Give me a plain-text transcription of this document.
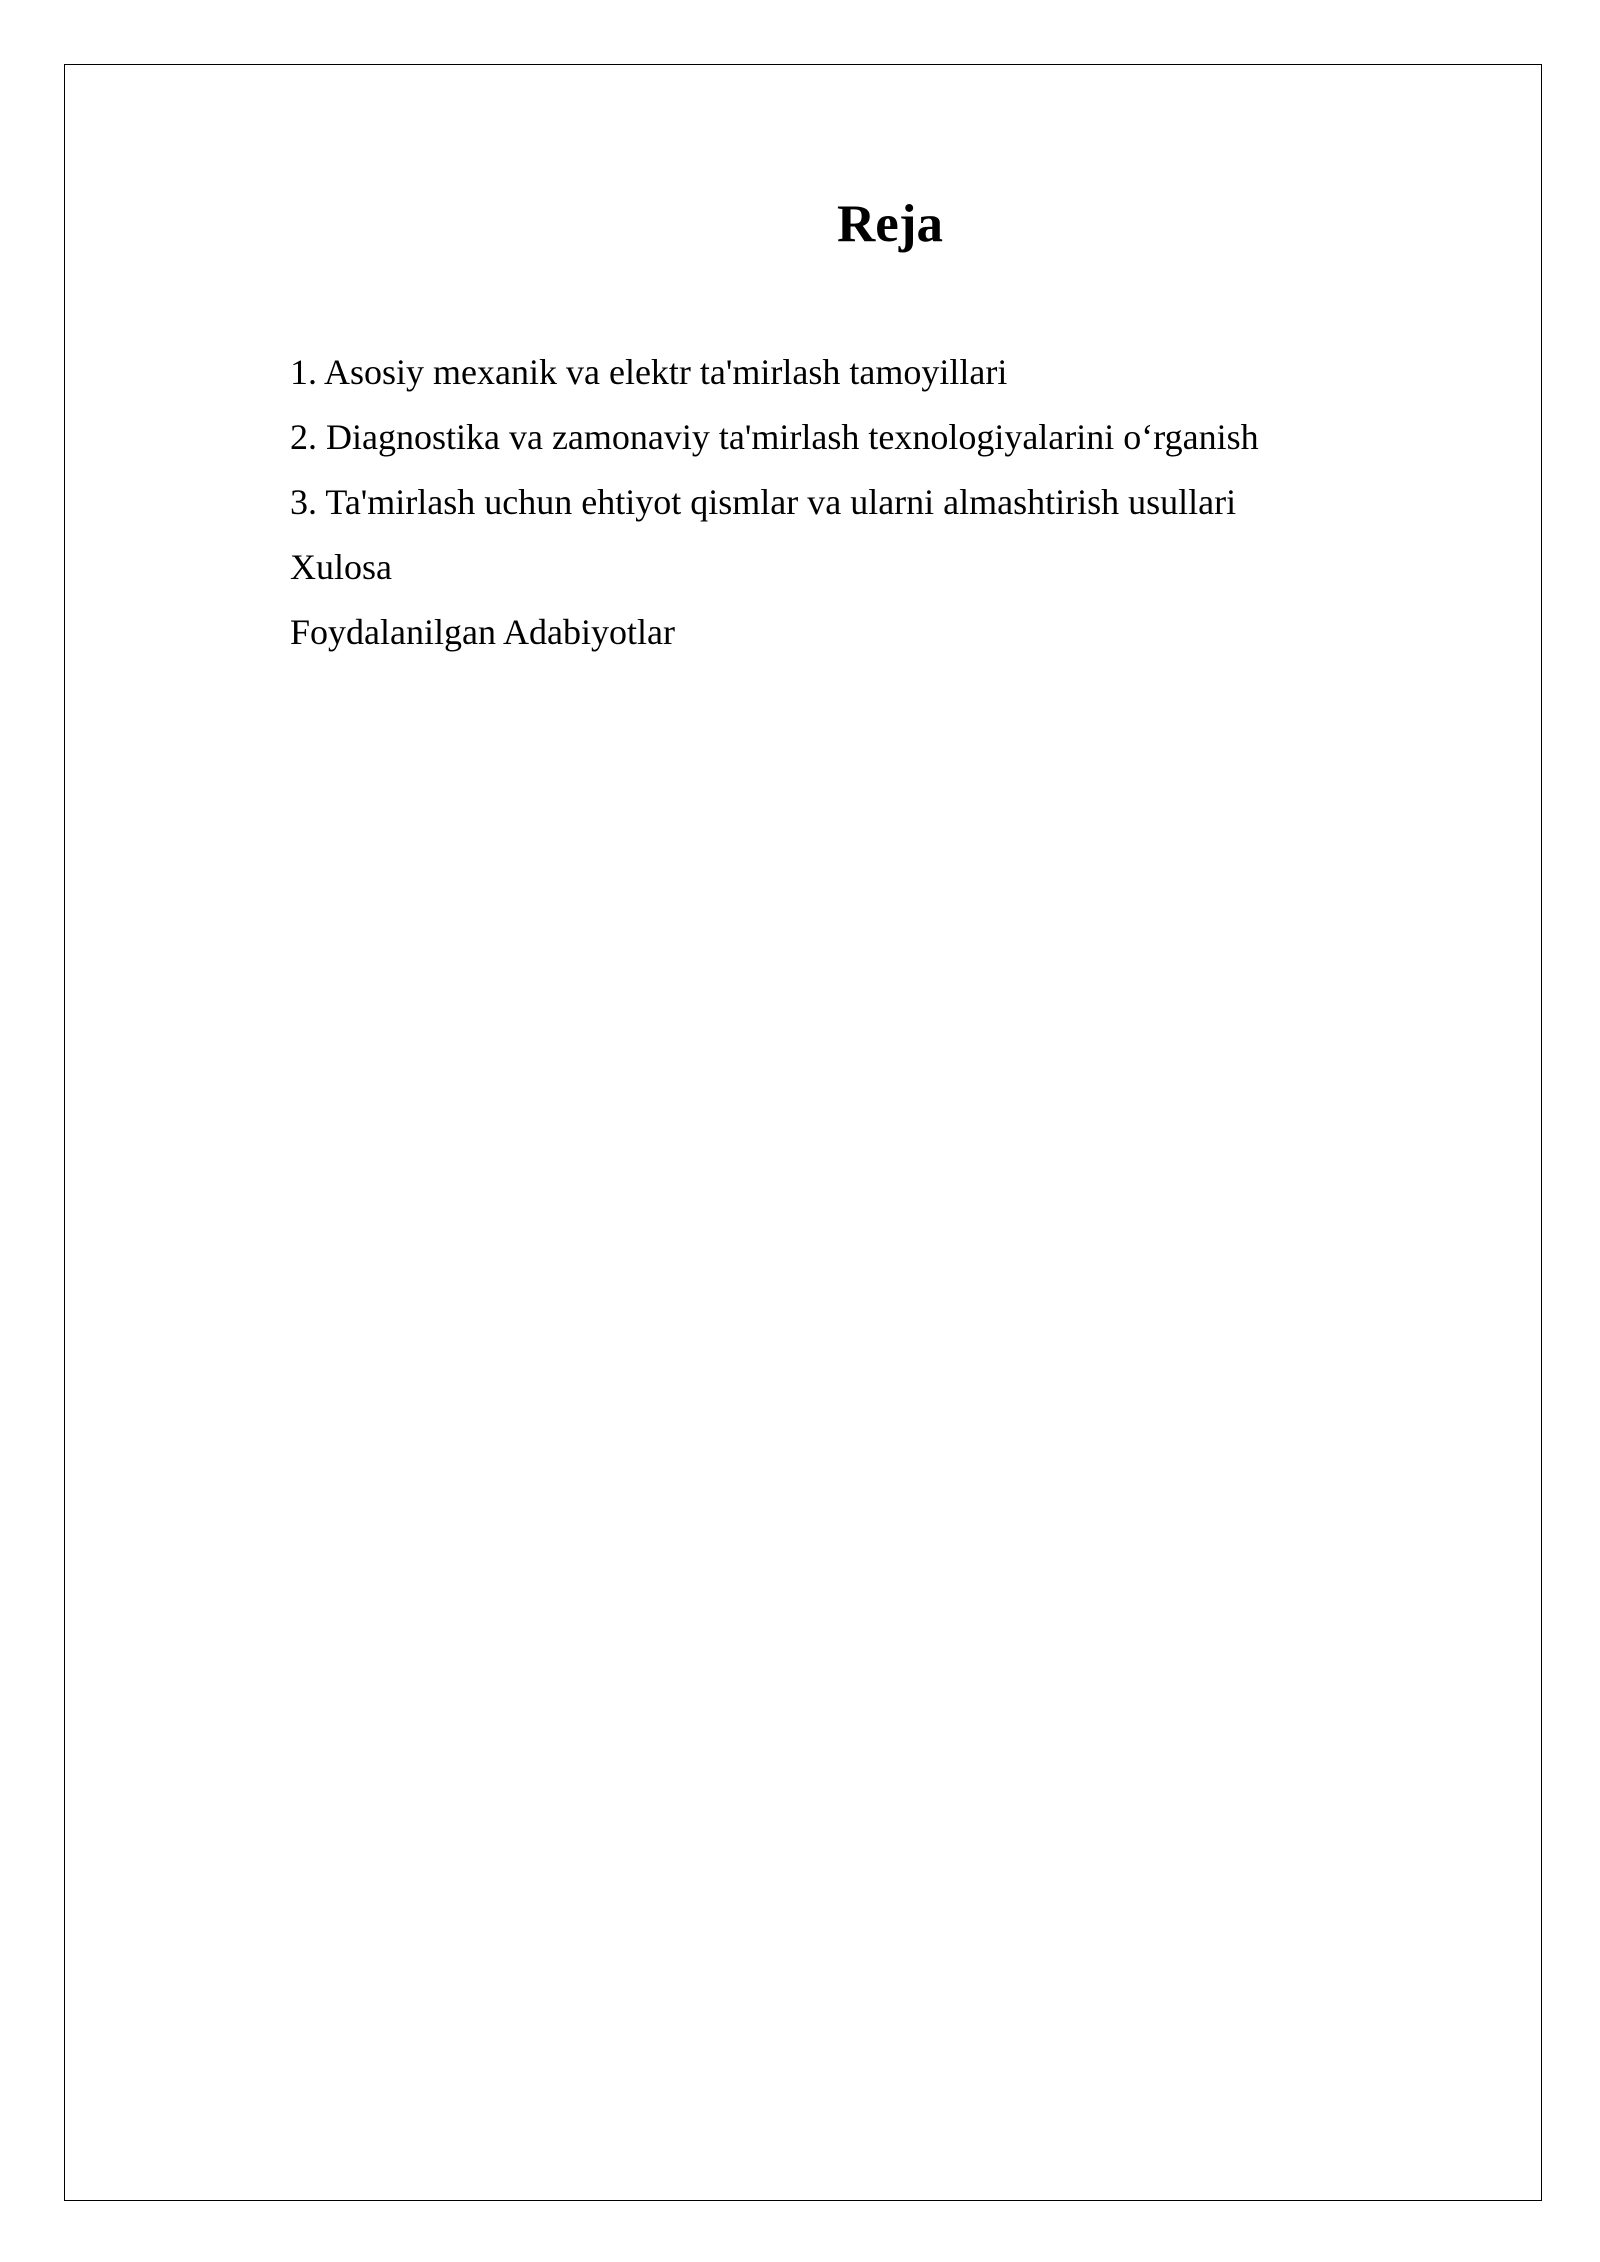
Reja
1. Asosiy mexanik va elektr ta'mirlash tamoyillari
2. Diagnostika va zamonaviy ta'mirlash texnologiyalarini o‘rganish
3. Ta'mirlash uchun ehtiyot qismlar va ularni almashtirish usullari
Xulosa
Foydalanilgan Adabiyotlar
